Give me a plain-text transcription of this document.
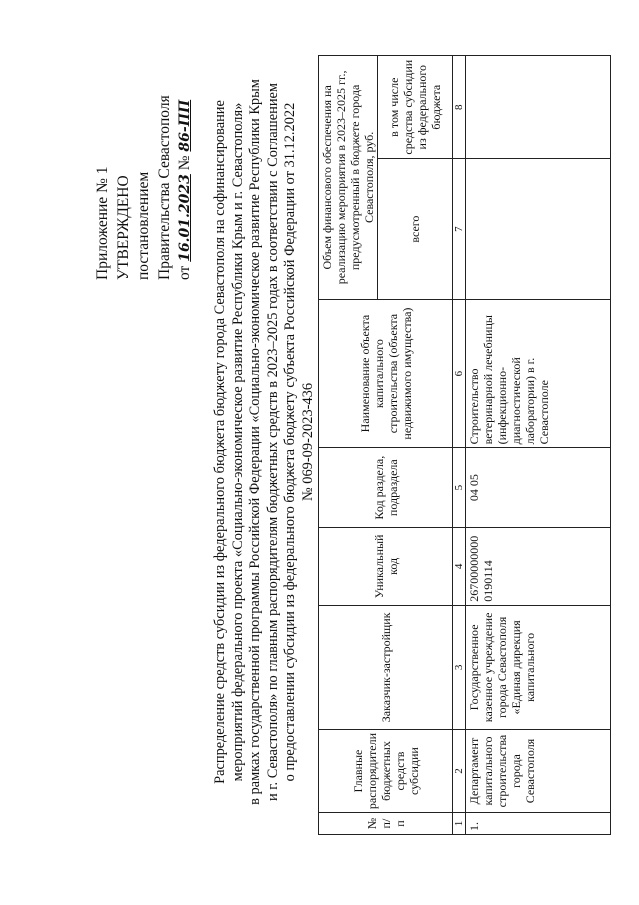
Приложение № 1 УТВЕРЖДЕНО постановлением Правительства Севастополя от 16.01.2023 № 86-ПП Распределение средств субсидии из федерального бюджета бюджету города Севастополя на софинансирование мероприятий федерального проекта «Социально-экономическое развитие Республики Крым и г. Севастополя» в рамках государственной программы Российской Федерации «Социально-экономическое развитие Республики Крым и г. Севастополя» по главным распорядителям бюджетных средств в 2023–2025 годах в соответствии с Соглашением о предоставлении субсидии из федерального бюджета бюджету субъекта Российской Федерации от 31.12.2022 № 069-09-2023-436
№ п/п	Главные распорядители бюджетных средств субсидии	Заказчик-застройщик	Уникальный код	Код раздела, подраздела	Наименование объекта капитального строительства (объекта недвижимого имущества)	Объем финансового обеспечения на реализацию мероприятия в 2023–2025 гг., предусмотренный в бюджете города Севастополя, руб.	
						всего	в том числе средства субсидии из федерального бюджета
1	2	3	4	5	6	7	8
1.	Департамент капитального строительства города Севастополя	Государственное казенное учреждение города Севастополя «Единая дирекция капитального	267000000000190114	04 05	Строительство ветеринарной лечебницы (инфекционно-диагностической лаборатории) в г. Севастополе		
